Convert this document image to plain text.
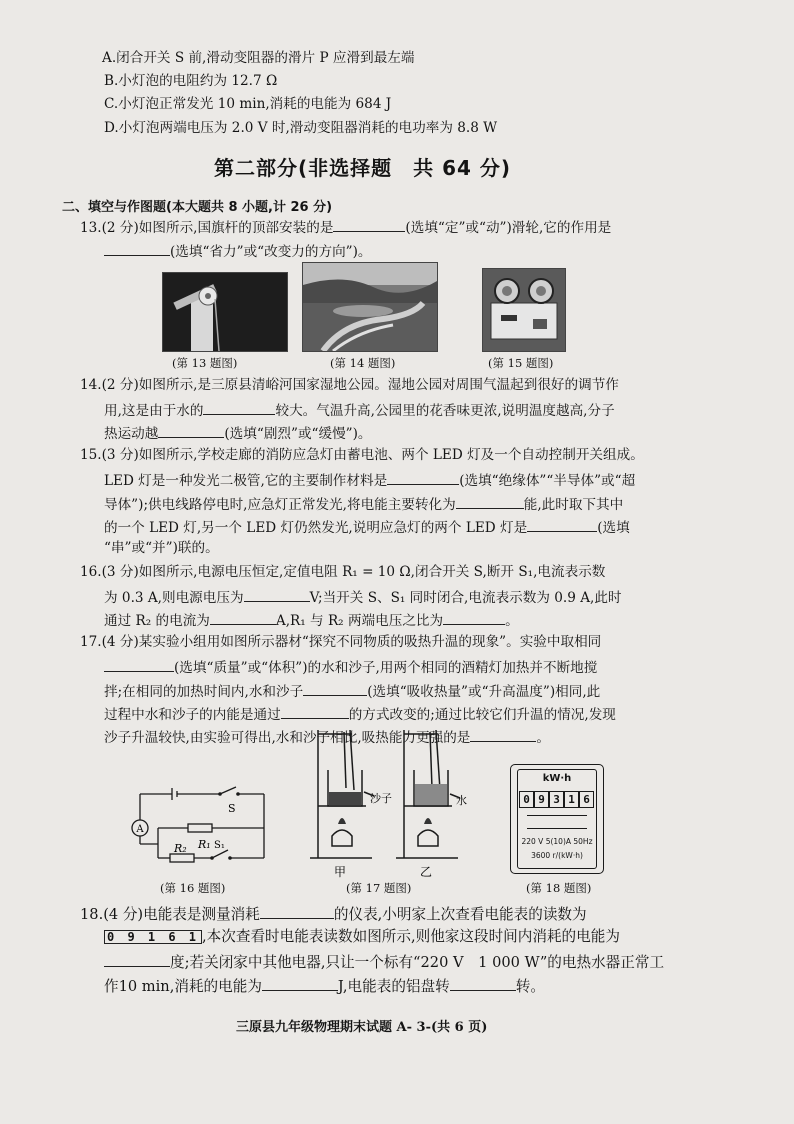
A.闭合开关 S 前,滑动变阻器的滑片 P 应滑到最左端
B.小灯泡的电阻约为 12.7 Ω
C.小灯泡正常发光 10 min,消耗的电能为 684 J
D.小灯泡两端电压为 2.0 V 时,滑动变阻器消耗的电功率为 8.8 W
第二部分(非选择题　共 64 分)
二、填空与作图题(本大题共 8 小题,计 26 分)
13.(2 分)如图所示,国旗杆的顶部安装的是	(选填“定”或“动”)滑轮,它的作用是
(选填“省力”或“改变力的方向”)。
(第 13 题图)	(第 14 题图)	(第 15 题图)
14.(2 分)如图所示,是三原县清峪河国家湿地公园。湿地公园对周围气温起到很好的调节作
用,这是由于水的	较大。气温升高,公园里的花香味更浓,说明温度越高,分子
热运动越	(选填“剧烈”或“缓慢”)。
15.(3 分)如图所示,学校走廊的消防应急灯由蓄电池、两个 LED 灯及一个自动控制开关组成。
LED 灯是一种发光二极管,它的主要制作材料是	(选填“绝缘体”“半导体”或“超
导体”);供电线路停电时,应急灯正常发光,将电能主要转化为	能,此时取下其中
的一个 LED 灯,另一个 LED 灯仍然发光,说明应急灯的两个 LED 灯是	(选填
“串”或“并”)联的。
16.(3 分)如图所示,电源电压恒定,定值电阻 R₁ = 10 Ω,闭合开关 S,断开 S₁,电流表示数
为 0.3 A,则电源电压为	V;当开关 S、S₁ 同时闭合,电流表示数为 0.9 A,此时
通过 R₂ 的电流为	A,R₁ 与 R₂ 两端电压之比为	。
17.(4 分)某实验小组用如图所示器材“探究不同物质的吸热升温的现象”。实验中取相同
(选填“质量”或“体积”)的水和沙子,用两个相同的酒精灯加热并不断地搅
拌;在相同的加热时间内,水和沙子	(选填“吸收热量”或“升高温度”)相同,此
过程中水和沙子的内能是通过	的方式改变的;通过比较它们升温的情况,发现
沙子升温较快,由实验可得出,水和沙子相比,吸热能力更强的是	。
A
S
R₁
R₂	S₁
甲	乙
沙子	水
kW·h
0 9 3 1 6
220 V 5(10)A 50Hz
3600 r/(kW·h)
(第 16 题图)	(第 17 题图)	(第 18 题图)
18.(4 分)电能表是测量消耗	的仪表,小明家上次查看电能表的读数为
0 9 1 6 1 ,本次查看时电能表读数如图所示,则他家这段时间内消耗的电能为
度;若关闭家中其他电器,只让一个标有“220 V　1 000 W”的电热水器正常工
作10 min,消耗的电能为	J,电能表的铝盘转	转。
三原县九年级物理期末试题 A- 3-(共 6 页)
